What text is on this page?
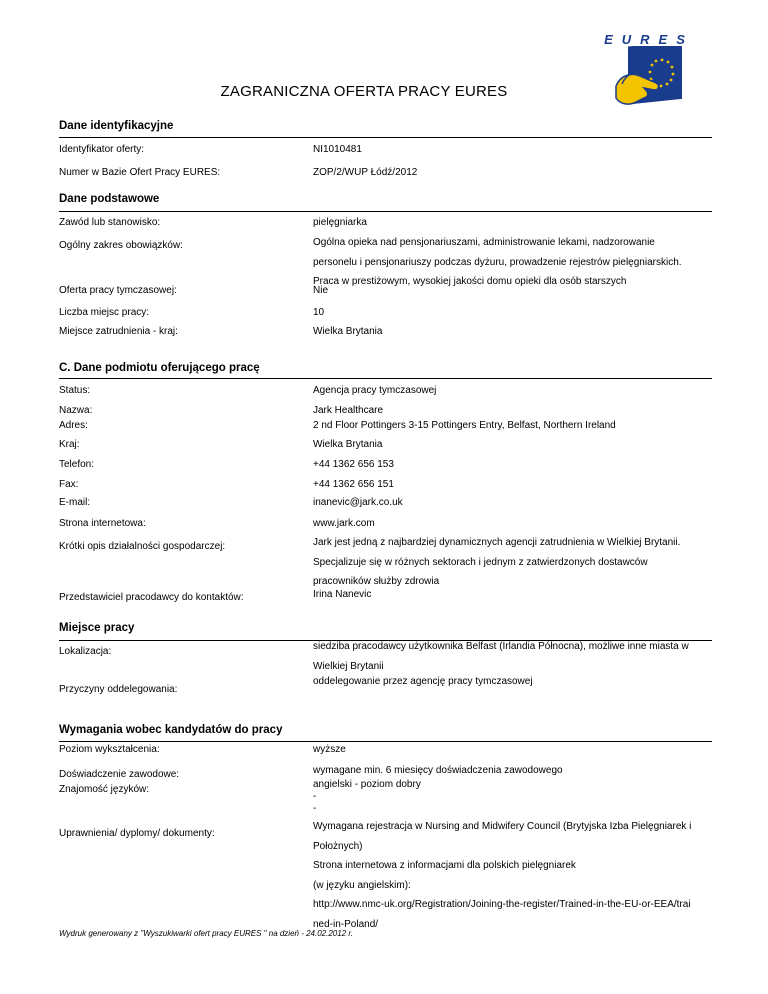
EURES
ZAGRANICZNA OFERTA PRACY EURES
Dane identyfikacyjne
Identyfikator oferty:	NI1010481
Numer w Bazie Ofert Pracy EURES:	ZOP/2/WUP Łódź/2012
Dane podstawowe
Zawód lub stanowisko:	pielęgniarka
Ogólny zakres obowiązków:	Ogólna opieka nad pensjonariuszami, administrowanie lekami, nadzorowanie
personelu i pensjonariuszy podczas dyżuru, prowadzenie rejestrów pielęgniarskich.
Praca w prestiżowym, wysokiej jakości domu opieki dla osób starszych
Oferta pracy tymczasowej:	Nie
Liczba miejsc pracy:	10
Miejsce zatrudnienia - kraj:	Wielka Brytania
C. Dane podmiotu oferującego pracę
Status:	Agencja pracy tymczasowej
Nazwa:	Jark Healthcare
Adres:	2 nd Floor Pottingers 3-15 Pottingers Entry, Belfast, Northern Ireland
Kraj:	Wielka Brytania
Telefon:	+44 1362 656 153
Fax:	+44 1362 656 151
E-mail:	inanevic@jark.co.uk
Strona internetowa:	www.jark.com
Krótki opis działalności gospodarczej:	Jark jest jedną z najbardziej dynamicznych agencji zatrudnienia w Wielkiej Brytanii.
Specjalizuje się w różnych sektorach i jednym z zatwierdzonych dostawców
pracowników służby zdrowia
Przedstawiciel pracodawcy do kontaktów:	Irina Nanevic
Miejsce pracy
Lokalizacja:	siedziba pracodawcy użytkownika Belfast (Irlandia Północna), możliwe inne miasta w
Wielkiej Brytanii
Przyczyny oddelegowania:
oddelegowanie przez agencję pracy tymczasowej
Wymagania wobec kandydatów do pracy
Poziom wykształcenia:	wyższe
Doświadczenie zawodowe:	wymagane min. 6 miesięcy doświadczenia zawodowego
Znajomość języków:	angielski - poziom dobry
-
-
Uprawnienia/ dyplomy/ dokumenty:
Wymagana rejestracja w Nursing and Midwifery Council (Brytyjska Izba Pielęgniarek i
Położnych)
Strona internetowa z informacjami dla polskich pielęgniarek
(w języku angielskim):
http://www.nmc-uk.org/Registration/Joining-the-register/Trained-in-the-EU-or-EEA/trai
ned-in-Poland/
Wydruk generowany z "Wyszukiwarki ofert pracy EURES " na dzień - 24.02.2012 r.
